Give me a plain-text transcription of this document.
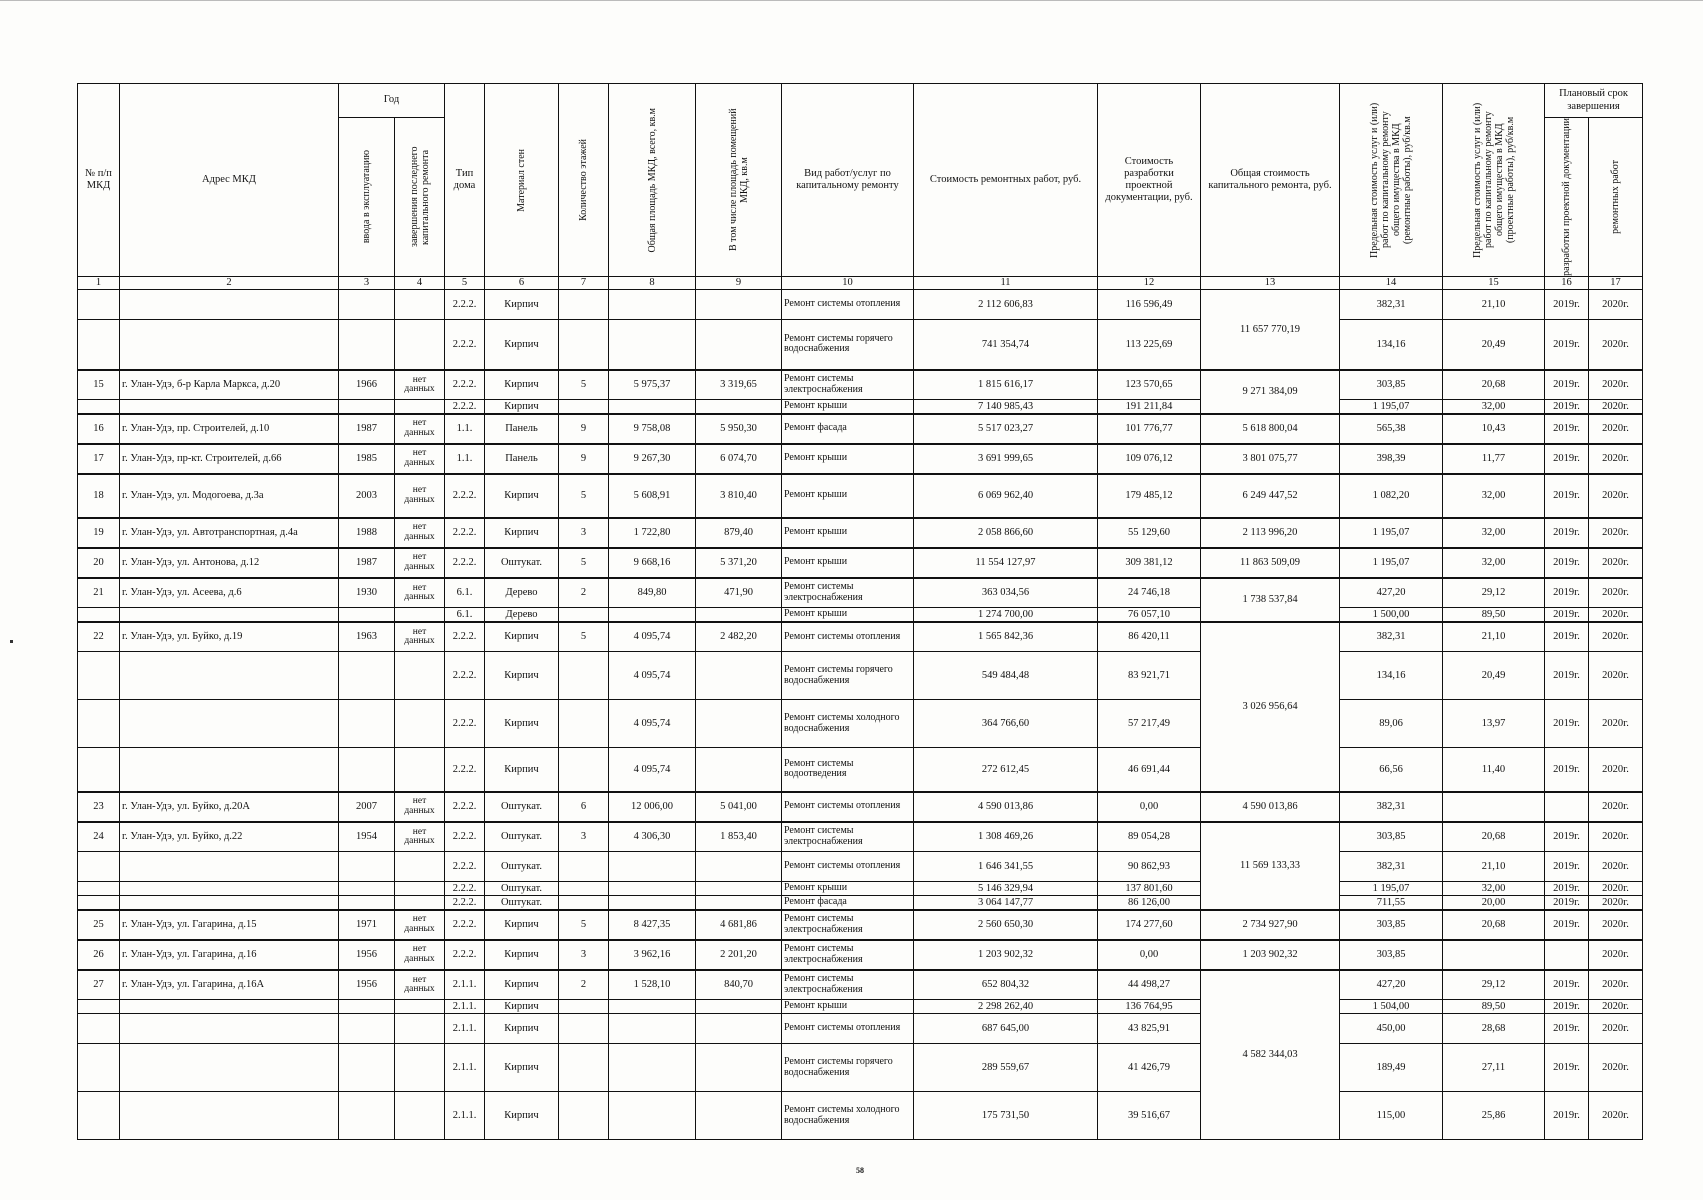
№ п/п МКД	Адрес МКД	Год		Тип дома	Материал стен	Количество этажей	Общая площадь МКД, всего, кв.м	В том числе площадь помещений МКД, кв.м	Вид работ/услуг по капитальному ремонту	Стоимость ремонтных работ, руб.	Стоимость разработки проектной документации, руб.	Общая стоимость капитального ремонта, руб.	Предельная стоимость услуг и (или) работ по капитальному ремонту общего имущества в МКД (ремонтные работы), руб/кв.м	Предельная стоимость услуг и (или) работ по капитальному ремонту общего имущества в МКД (проектные работы), руб/кв.м	Плановый срок завершения	

		ввода в эксплуатацию	завершения последнего капитального ремонта												разработки проектной документации	ремонтных работ

1	2	3	4	5	6	7	8	9	10	11	12	13	14	15	16	17
				2.2.2.	Кирпич				Ремонт системы отопления	2 112 606,83	116 596,49	11 657 770,19	382,31	21,10	2019г.	2020г.
				2.2.2.	Кирпич				Ремонт системы горячего водоснабжения	741 354,74	113 225,69		134,16	20,49	2019г.	2020г.
15	г. Улан-Удэ, б-р Карла Маркса, д.20	1966	нет данных	2.2.2.	Кирпич	5	5 975,37	3 319,65	Ремонт системы электроснабжения	1 815 616,17	123 570,65	9 271 384,09	303,85	20,68	2019г.	2020г.
				2.2.2.	Кирпич				Ремонт крыши	7 140 985,43	191 211,84		1 195,07	32,00	2019г.	2020г.
16	г. Улан-Удэ, пр. Строителей, д.10	1987	нет данных	1.1.	Панель	9	9 758,08	5 950,30	Ремонт фасада	5 517 023,27	101 776,77	5 618 800,04	565,38	10,43	2019г.	2020г.
17	г. Улан-Удэ, пр-кт. Строителей, д.66	1985	нет данных	1.1.	Панель	9	9 267,30	6 074,70	Ремонт крыши	3 691 999,65	109 076,12	3 801 075,77	398,39	11,77	2019г.	2020г.
18	г. Улан-Удэ, ул. Модогоева, д.3а	2003	нет данных	2.2.2.	Кирпич	5	5 608,91	3 810,40	Ремонт крыши	6 069 962,40	179 485,12	6 249 447,52	1 082,20	32,00	2019г.	2020г.
19	г. Улан-Удэ, ул. Автотранспортная, д.4а	1988	нет данных	2.2.2.	Кирпич	3	1 722,80	879,40	Ремонт крыши	2 058 866,60	55 129,60	2 113 996,20	1 195,07	32,00	2019г.	2020г.
20	г. Улан-Удэ, ул. Антонова, д.12	1987	нет данных	2.2.2.	Оштукат.	5	9 668,16	5 371,20	Ремонт крыши	11 554 127,97	309 381,12	11 863 509,09	1 195,07	32,00	2019г.	2020г.
21	г. Улан-Удэ, ул. Асеева, д.6	1930	нет данных	6.1.	Дерево	2	849,80	471,90	Ремонт системы электроснабжения	363 034,56	24 746,18	1 738 537,84	427,20	29,12	2019г.	2020г.
				6.1.	Дерево				Ремонт крыши	1 274 700,00	76 057,10		1 500,00	89,50	2019г.	2020г.
22	г. Улан-Удэ, ул. Буйко, д.19	1963	нет данных	2.2.2.	Кирпич	5	4 095,74	2 482,20	Ремонт системы отопления	1 565 842,36	86 420,11	3 026 956,64	382,31	21,10	2019г.	2020г.
				2.2.2.	Кирпич		4 095,74		Ремонт системы горячего водоснабжения	549 484,48	83 921,71		134,16	20,49	2019г.	2020г.
				2.2.2.	Кирпич		4 095,74		Ремонт системы холодного водоснабжения	364 766,60	57 217,49		89,06	13,97	2019г.	2020г.
				2.2.2.	Кирпич		4 095,74		Ремонт системы водоотведения	272 612,45	46 691,44		66,56	11,40	2019г.	2020г.
23	г. Улан-Удэ, ул. Буйко, д.20А	2007	нет данных	2.2.2.	Оштукат.	6	12 006,00	5 041,00	Ремонт системы отопления	4 590 013,86	0,00	4 590 013,86	382,31			2020г.
24	г. Улан-Удэ, ул. Буйко, д.22	1954	нет данных	2.2.2.	Оштукат.	3	4 306,30	1 853,40	Ремонт системы электроснабжения	1 308 469,26	89 054,28	11 569 133,33	303,85	20,68	2019г.	2020г.
				2.2.2.	Оштукат.				Ремонт системы отопления	1 646 341,55	90 862,93		382,31	21,10	2019г.	2020г.
				2.2.2.	Оштукат.				Ремонт крыши	5 146 329,94	137 801,60		1 195,07	32,00	2019г.	2020г.
				2.2.2.	Оштукат.				Ремонт фасада	3 064 147,77	86 126,00		711,55	20,00	2019г.	2020г.
25	г. Улан-Удэ, ул. Гагарина, д.15	1971	нет данных	2.2.2.	Кирпич	5	8 427,35	4 681,86	Ремонт системы электроснабжения	2 560 650,30	174 277,60	2 734 927,90	303,85	20,68	2019г.	2020г.
26	г. Улан-Удэ, ул. Гагарина, д.16	1956	нет данных	2.2.2.	Кирпич	3	3 962,16	2 201,20	Ремонт системы электроснабжения	1 203 902,32	0,00	1 203 902,32	303,85			2020г.
27	г. Улан-Удэ, ул. Гагарина, д.16А	1956	нет данных	2.1.1.	Кирпич	2	1 528,10	840,70	Ремонт системы электроснабжения	652 804,32	44 498,27	4 582 344,03	427,20	29,12	2019г.	2020г.
				2.1.1.	Кирпич				Ремонт крыши	2 298 262,40	136 764,95		1 504,00	89,50	2019г.	2020г.
				2.1.1.	Кирпич				Ремонт системы отопления	687 645,00	43 825,91		450,00	28,68	2019г.	2020г.
				2.1.1.	Кирпич				Ремонт системы горячего водоснабжения	289 559,67	41 426,79		189,49	27,11	2019г.	2020г.
				2.1.1.	Кирпич				Ремонт системы холодного водоснабжения	175 731,50	39 516,67		115,00	25,86	2019г.	2020г.
58
